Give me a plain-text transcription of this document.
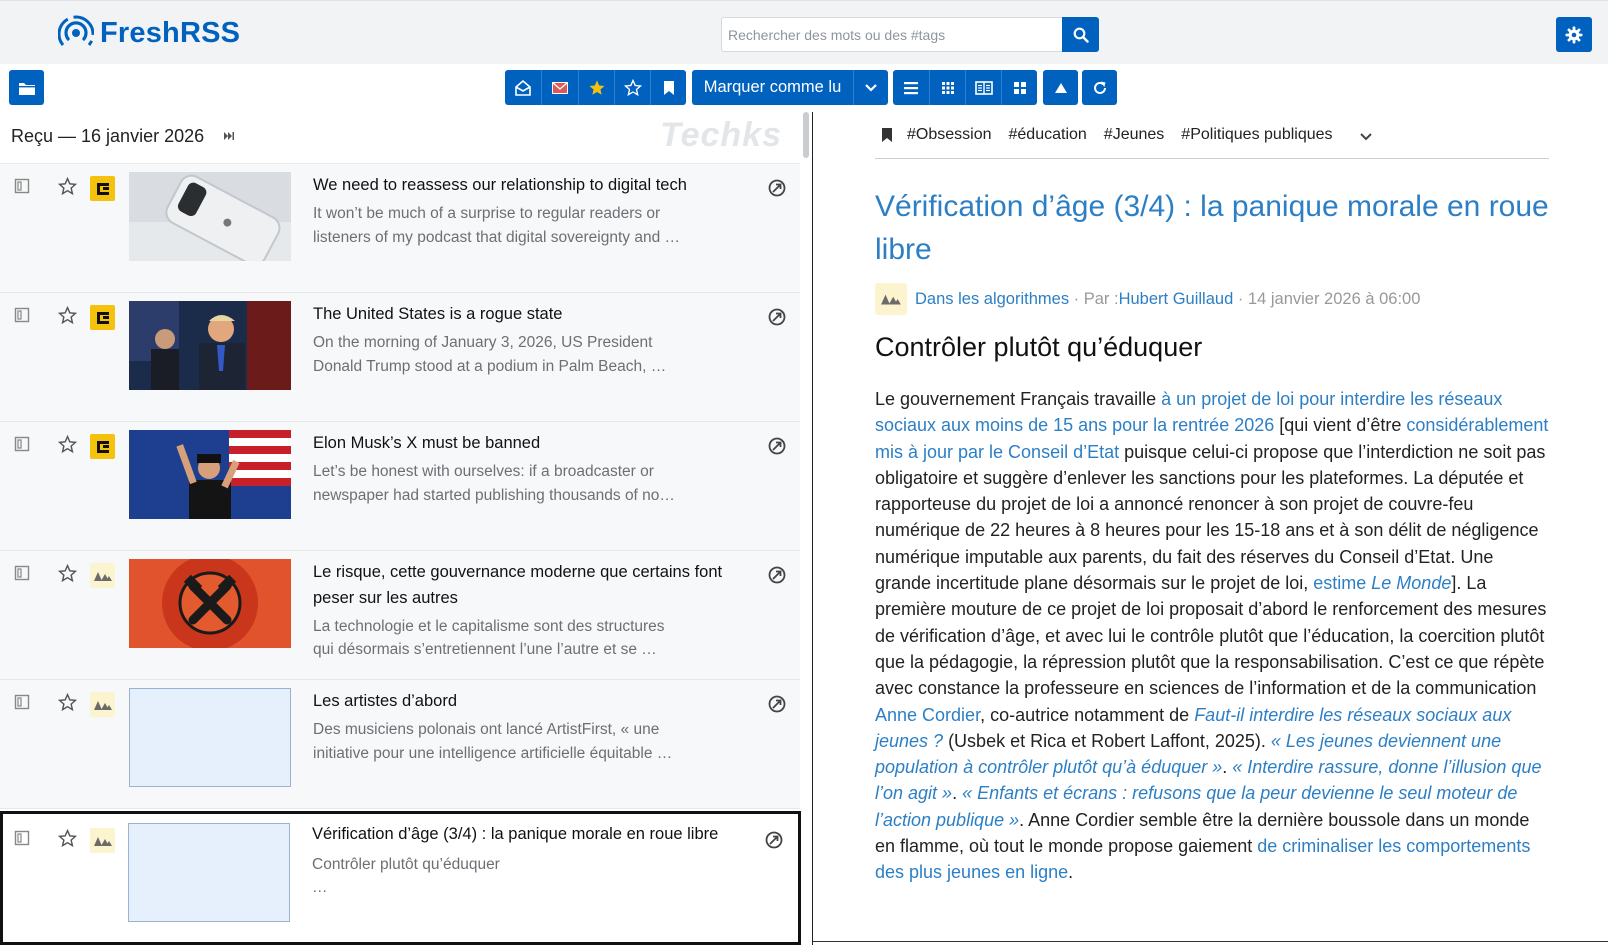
FreshRSS
Rechercher des mots ou des #tags
Marquer comme lu
Reçu — 16 janvier 2026	Techks
We need to reassess our relationship to digital tech
It won’t be much of a surprise to regular readers or
listeners of my podcast that digital sovereignty and …
The United States is a rogue state
On the morning of January 3, 2026, US President
Donald Trump stood at a podium in Palm Beach, …
Elon Musk’s X must be banned
Let’s be honest with ourselves: if a broadcaster or
newspaper had started publishing thousands of no…
Le risque, cette gouvernance moderne que certains font peser sur les autres
La technologie et le capitalisme sont des structures
qui désormais s’entretiennent l’une l’autre et se …
Les artistes d’abord
Des musiciens polonais ont lancé ArtistFirst, « une
initiative pour une intelligence artificielle équitable …
Vérification d’âge (3/4) : la panique morale en roue libre
Contrôler plutôt qu’éduquer
…
#Obsession #éducation #Jeunes #Politiques publiques
Vérification d’âge (3/4) : la panique morale en roue libre
Dans les algorithmes · Par : Hubert Guillaud · 14 janvier 2026 à 06:00
Contrôler plutôt qu’éduquer
Le gouvernement Français travaille à un projet de loi pour interdire les réseaux sociaux aux moins de 15 ans pour la rentrée 2026 [qui vient d’être considérablement mis à jour par le Conseil d’Etat puisque celui-ci propose que l’interdiction ne soit pas obligatoire et suggère d’enlever les sanctions pour les plateformes. La députée et rapporteuse du projet de loi a annoncé renoncer à son projet de couvre-feu numérique de 22 heures à 8 heures pour les 15-18 ans et à son délit de négligence numérique imputable aux parents, du fait des réserves du Conseil d’Etat. Une grande incertitude plane désormais sur le projet de loi, estime Le Monde]. La première mouture de ce projet de loi proposait d’abord le renforcement des mesures de vérification d’âge, et avec lui le contrôle plutôt que l’éducation, la coercition plutôt que la pédagogie, la répression plutôt que la responsabilisation. C’est ce que répète avec constance la professeure en sciences de l’information et de la communication Anne Cordier, co-autrice notamment de Faut-il interdire les réseaux sociaux aux jeunes ? (Usbek et Rica et Robert Laffont, 2025). « Les jeunes deviennent une population à contrôler plutôt qu’à éduquer ». « Interdire rassure, donne l’illusion que l’on agit ». « Enfants et écrans : refusons que la peur devienne le seul moteur de l’action publique ». Anne Cordier semble être la dernière boussole dans un monde en flamme, où tout le monde propose gaiement de criminaliser les comportements des plus jeunes en ligne.
